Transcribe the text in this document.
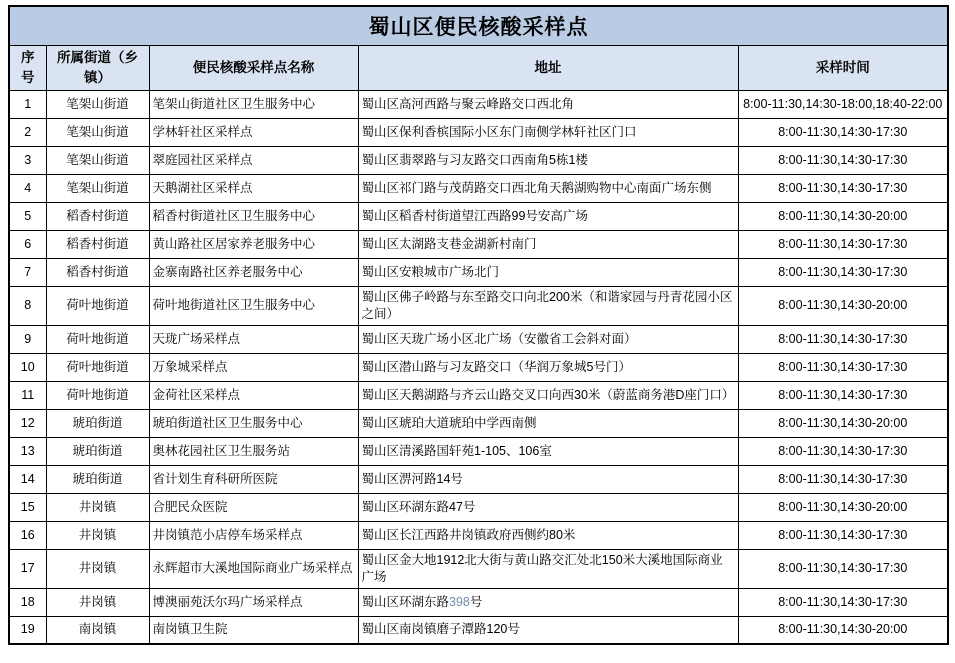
蜀山区便民核酸采样点				
序号	所属街道（乡镇）	便民核酸采样点名称	地址	采样时间
1	笔架山街道	笔架山街道社区卫生服务中心	蜀山区高河西路与聚云峰路交口西北角	8:00-11:30,14:30-18:00,18:40-22:00
2	笔架山街道	学林轩社区采样点	蜀山区保利香槟国际小区东门南侧学林轩社区门口	8:00-11:30,14:30-17:30
3	笔架山街道	翠庭园社区采样点	蜀山区翡翠路与习友路交口西南角5栋1楼	8:00-11:30,14:30-17:30
4	笔架山街道	天鹅湖社区采样点	蜀山区祁门路与茂荫路交口西北角天鹅湖购物中心南面广场东侧	8:00-11:30,14:30-17:30
5	稻香村街道	稻香村街道社区卫生服务中心	蜀山区稻香村街道望江西路99号安高广场	8:00-11:30,14:30-20:00
6	稻香村街道	黄山路社区居家养老服务中心	蜀山区太湖路支巷金湖新村南门	8:00-11:30,14:30-17:30
7	稻香村街道	金寨南路社区养老服务中心	蜀山区安粮城市广场北门	8:00-11:30,14:30-17:30
8	荷叶地街道	荷叶地街道社区卫生服务中心	蜀山区佛子岭路与东至路交口向北200米（和谐家园与丹青花园小区之间）	8:00-11:30,14:30-20:00
9	荷叶地街道	天珑广场采样点	蜀山区天珑广场小区北广场（安徽省工会斜对面）	8:00-11:30,14:30-17:30
10	荷叶地街道	万象城采样点	蜀山区潜山路与习友路交口（华润万象城5号门）	8:00-11:30,14:30-17:30
11	荷叶地街道	金荷社区采样点	蜀山区天鹅湖路与齐云山路交叉口向西30米（蔚蓝商务港D座门口）	8:00-11:30,14:30-17:30
12	琥珀街道	琥珀街道社区卫生服务中心	蜀山区琥珀大道琥珀中学西南侧	8:00-11:30,14:30-20:00
13	琥珀街道	奥林花园社区卫生服务站	蜀山区清溪路国轩苑1-105、106室	8:00-11:30,14:30-17:30
14	琥珀街道	省计划生育科研所医院	蜀山区淠河路14号	8:00-11:30,14:30-17:30
15	井岗镇	合肥民众医院	蜀山区环湖东路47号	8:00-11:30,14:30-20:00
16	井岗镇	井岗镇范小店停车场采样点	蜀山区长江西路井岗镇政府西侧约80米	8:00-11:30,14:30-17:30
17	井岗镇	永辉超市大溪地国际商业广场采样点	蜀山区金大地1912北大街与黄山路交汇处北150米大溪地国际商业广场	8:00-11:30,14:30-17:30
18	井岗镇	博澳丽苑沃尔玛广场采样点	蜀山区环湖东路398号	8:00-11:30,14:30-17:30
19	南岗镇	南岗镇卫生院	蜀山区南岗镇磨子潭路120号	8:00-11:30,14:30-20:00
